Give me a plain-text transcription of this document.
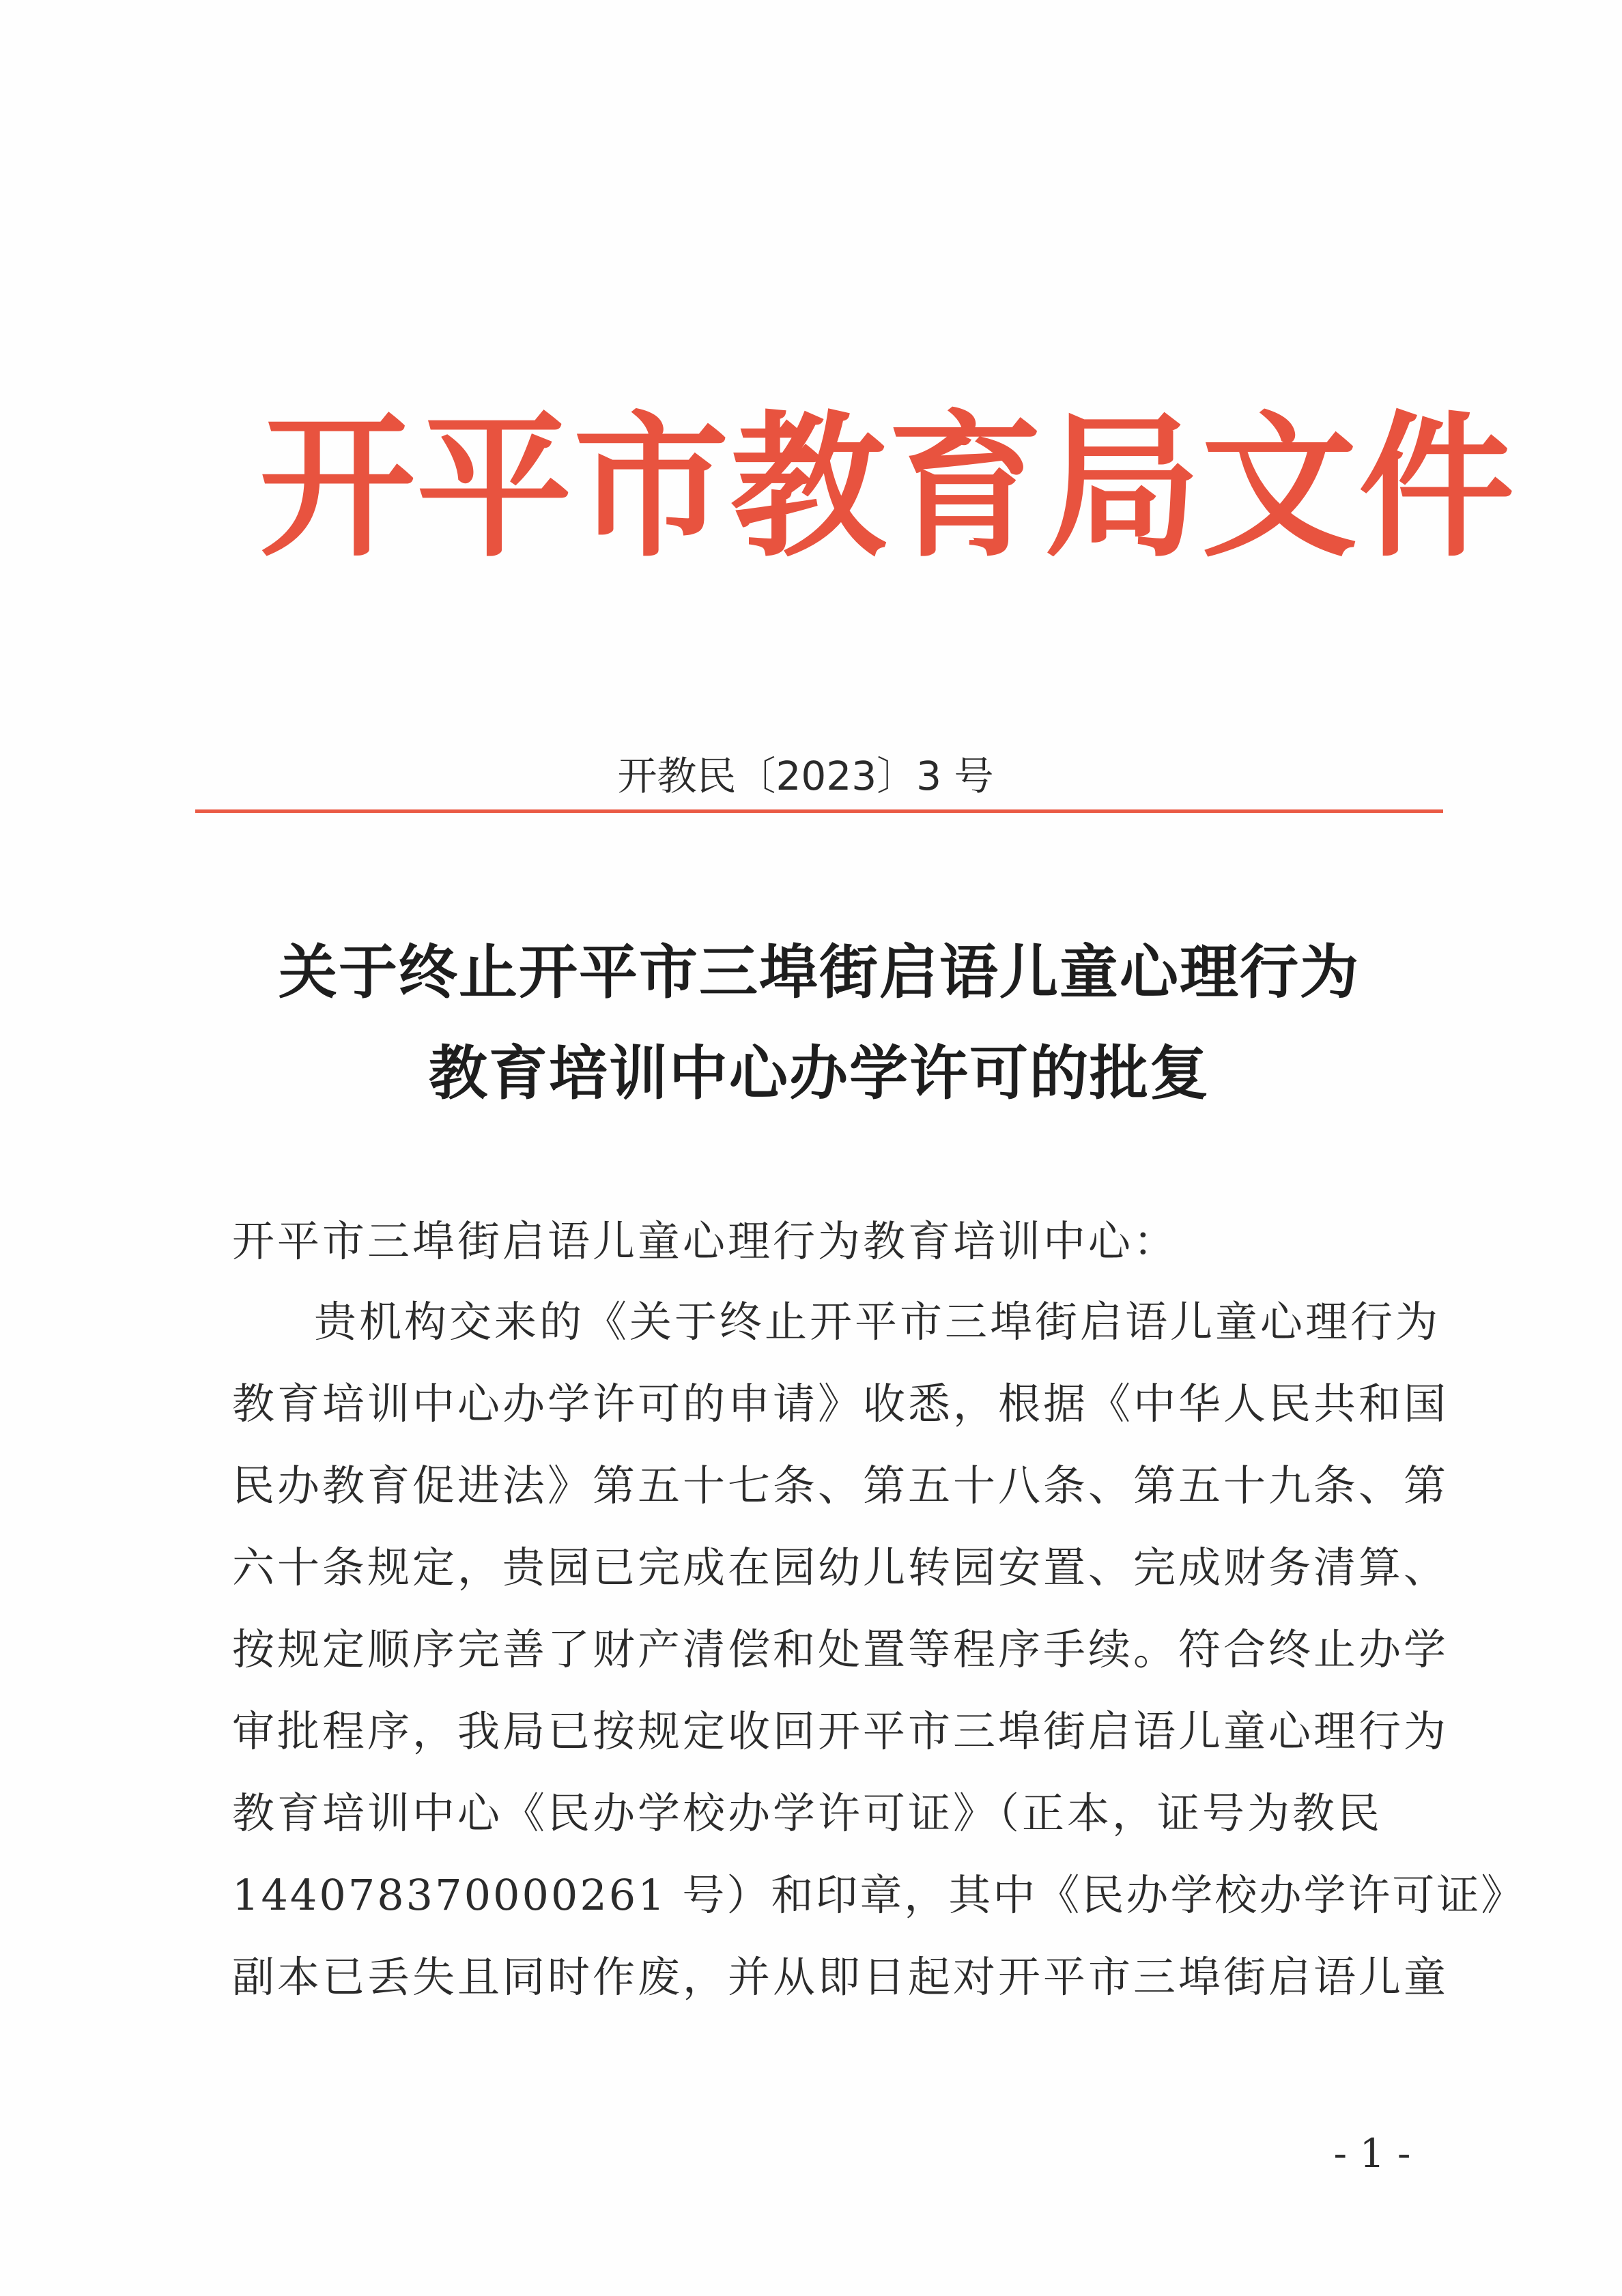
开平市教育局文件
开教民〔2023〕3 号
关于终止开平市三埠街启语儿童心理行为
教育培训中心办学许可的批复
开平市三埠街启语儿童心理行为教育培训中心：
贵机构交来的《关于终止开平市三埠街启语儿童心理行为
教育培训中心办学许可的申请》收悉，根据《中华人民共和国
民办教育促进法》第五十七条、第五十八条、第五十九条、第
六十条规定，贵园已完成在园幼儿转园安置、完成财务清算、
按规定顺序完善了财产清偿和处置等程序手续。符合终止办学
审批程序，我局已按规定收回开平市三埠街启语儿童心理行为
教育培训中心《民办学校办学许可证》（正本，证号为教民
144078370000261 号）和印章，其中《民办学校办学许可证》
副本已丢失且同时作废，并从即日起对开平市三埠街启语儿童
- 1 -
